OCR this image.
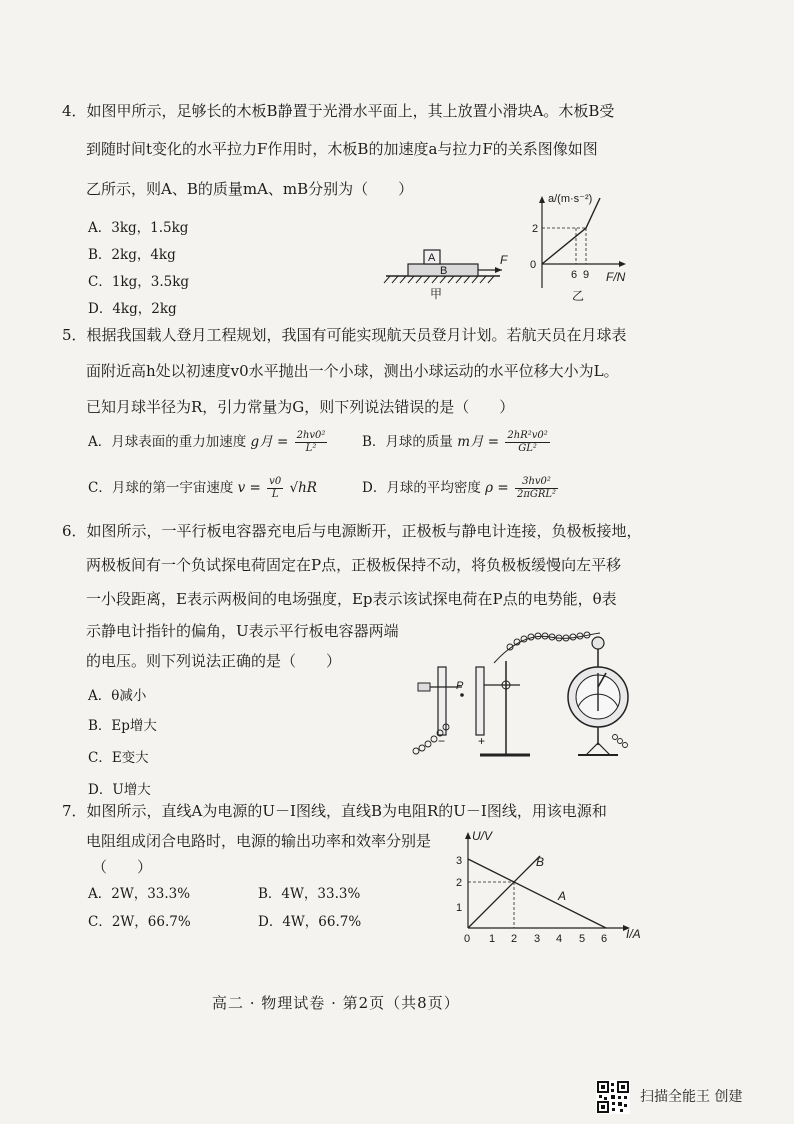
4．如图甲所示，足够长的木板B静置于光滑水平面上，其上放置小滑块A。木板B受
到随时间t变化的水平拉力F作用时，木板B的加速度a与拉力F的关系图像如图
乙所示，则A、B的质量mA、mB分别为（　　）
A．3kg，1.5kg
B．2kg，4kg
C．1kg，3.5kg
D．4kg，2kg
A
B
F
甲
a/(m·s⁻²)
F/N
0
2
6 9
乙
5．根据我国载人登月工程规划，我国有可能实现航天员登月计划。若航天员在月球表
面附近高h处以初速度v0水平抛出一个小球，测出小球运动的水平位移大小为L。
已知月球半径为R，引力常量为G，则下列说法错误的是（　　）
A．月球表面的重力加速度 g月 = $\frac{\text{2hv0²}}{\text{L²}}$	B．月球的质量 m月 = $\frac{\text{2hR²v0²}}{\text{GL²}}$
C．月球的第一宇宙速度 $v = \frac{v0}{L} √hR$	D．月球的平均密度 $\rho = \frac{\text{3hv0²}}{\text{2πGRL²}}$
6．如图所示，一平行板电容器充电后与电源断开，正极板与静电计连接，负极板接地，
两极板间有一个负试探电荷固定在P点，正极板保持不动，将负极板缓慢向左平移
一小段距离，E表示两极间的电场强度，Ep表示该试探电荷在P点的电势能，θ表
示静电计指针的偏角，U表示平行板电容器两端
的电压。则下列说法正确的是（　　）
A．θ减小
B．Ep增大
C．E变大
D．U增大
P
−	+
7．如图所示，直线A为电源的U－I图线，直线B为电阻R的U－I图线，用该电源和
电阻组成闭合电路时，电源的输出功率和效率分别是
（　　）
A．2W，33.3%	B．4W，33.3%
C．2W，66.7%	D．4W，66.7%
U/V
I/A
1
2
3
0 1 2 3 4 5 6
A
B
高二 · 物理试卷 · 第2页（共8页）
扫描全能王 创建
